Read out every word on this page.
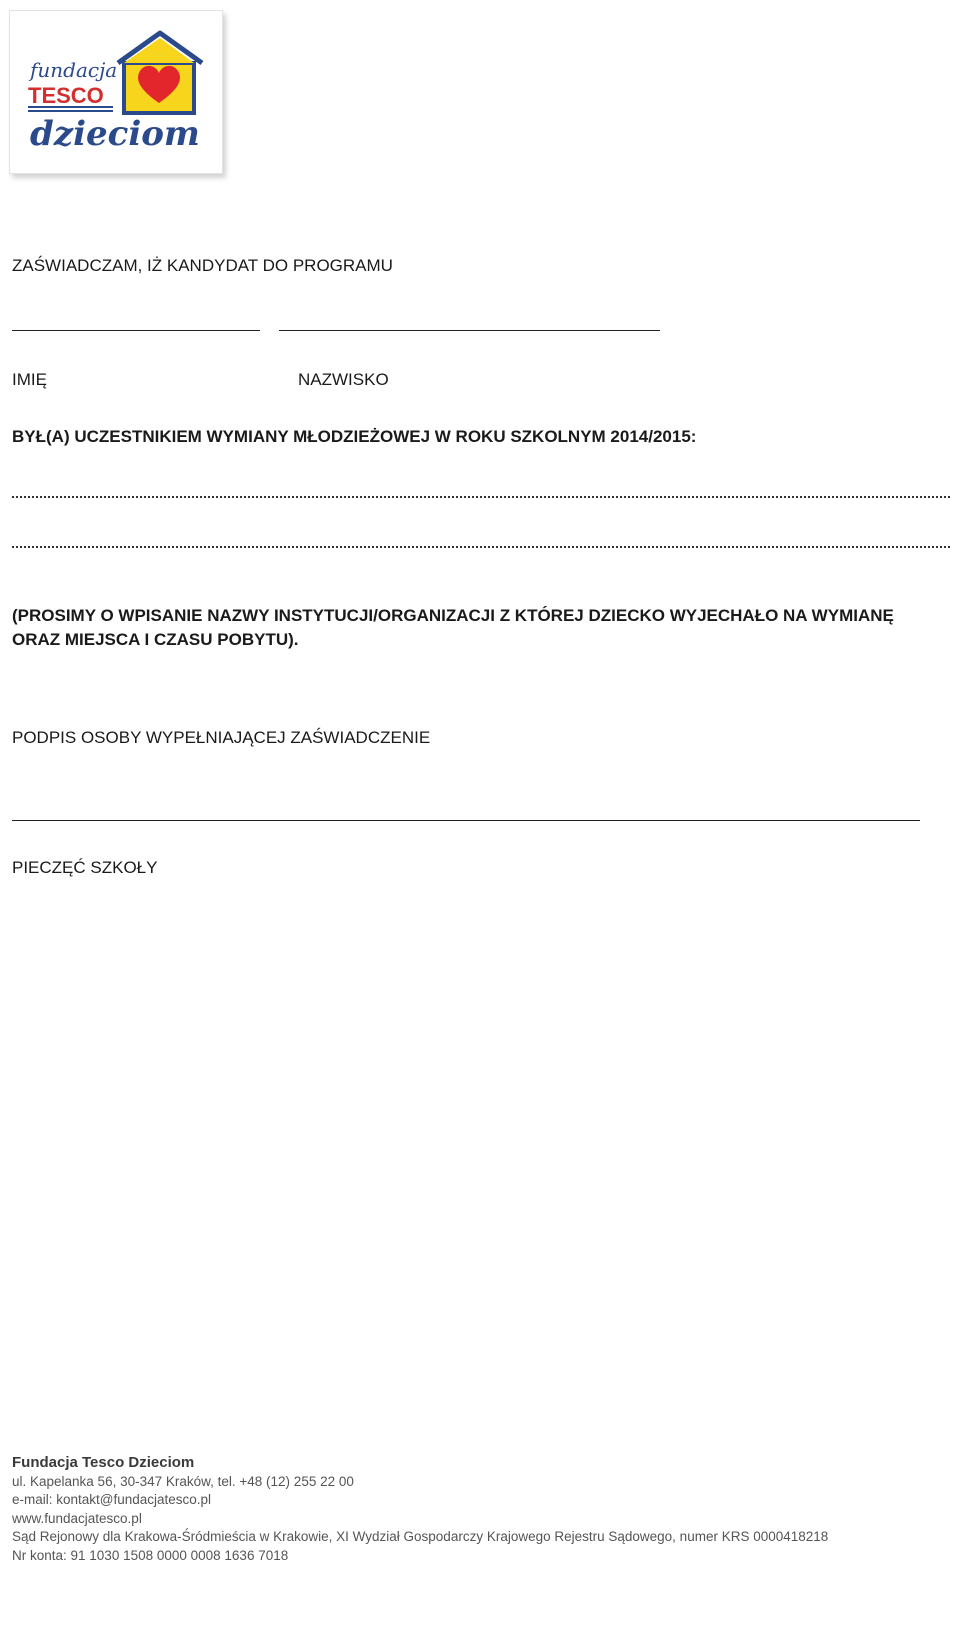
fundacja
TESCO
dzieciom
ZAŚWIADCZAM, IŻ KANDYDAT DO PROGRAMU
IMIĘ	NAZWISKO
BYŁ(A) UCZESTNIKIEM WYMIANY MŁODZIEŻOWEJ W ROKU SZKOLNYM 2014/2015:
(PROSIMY O WPISANIE NAZWY INSTYTUCJI/ORGANIZACJI Z KTÓREJ DZIECKO WYJECHAŁO NA WYMIANĘ
ORAZ MIEJSCA I CZASU POBYTU).
PODPIS OSOBY WYPEŁNIAJĄCEJ ZAŚWIADCZENIE
PIECZĘĆ SZKOŁY
Fundacja Tesco Dzieciom
ul. Kapelanka 56, 30-347 Kraków, tel. +48 (12) 255 22 00
e-mail: kontakt@fundacjatesco.pl
www.fundacjatesco.pl
Sąd Rejonowy dla Krakowa-Śródmieścia w Krakowie, XI Wydział Gospodarczy Krajowego Rejestru Sądowego, numer KRS 0000418218
Nr konta: 91 1030 1508 0000 0008 1636 7018
